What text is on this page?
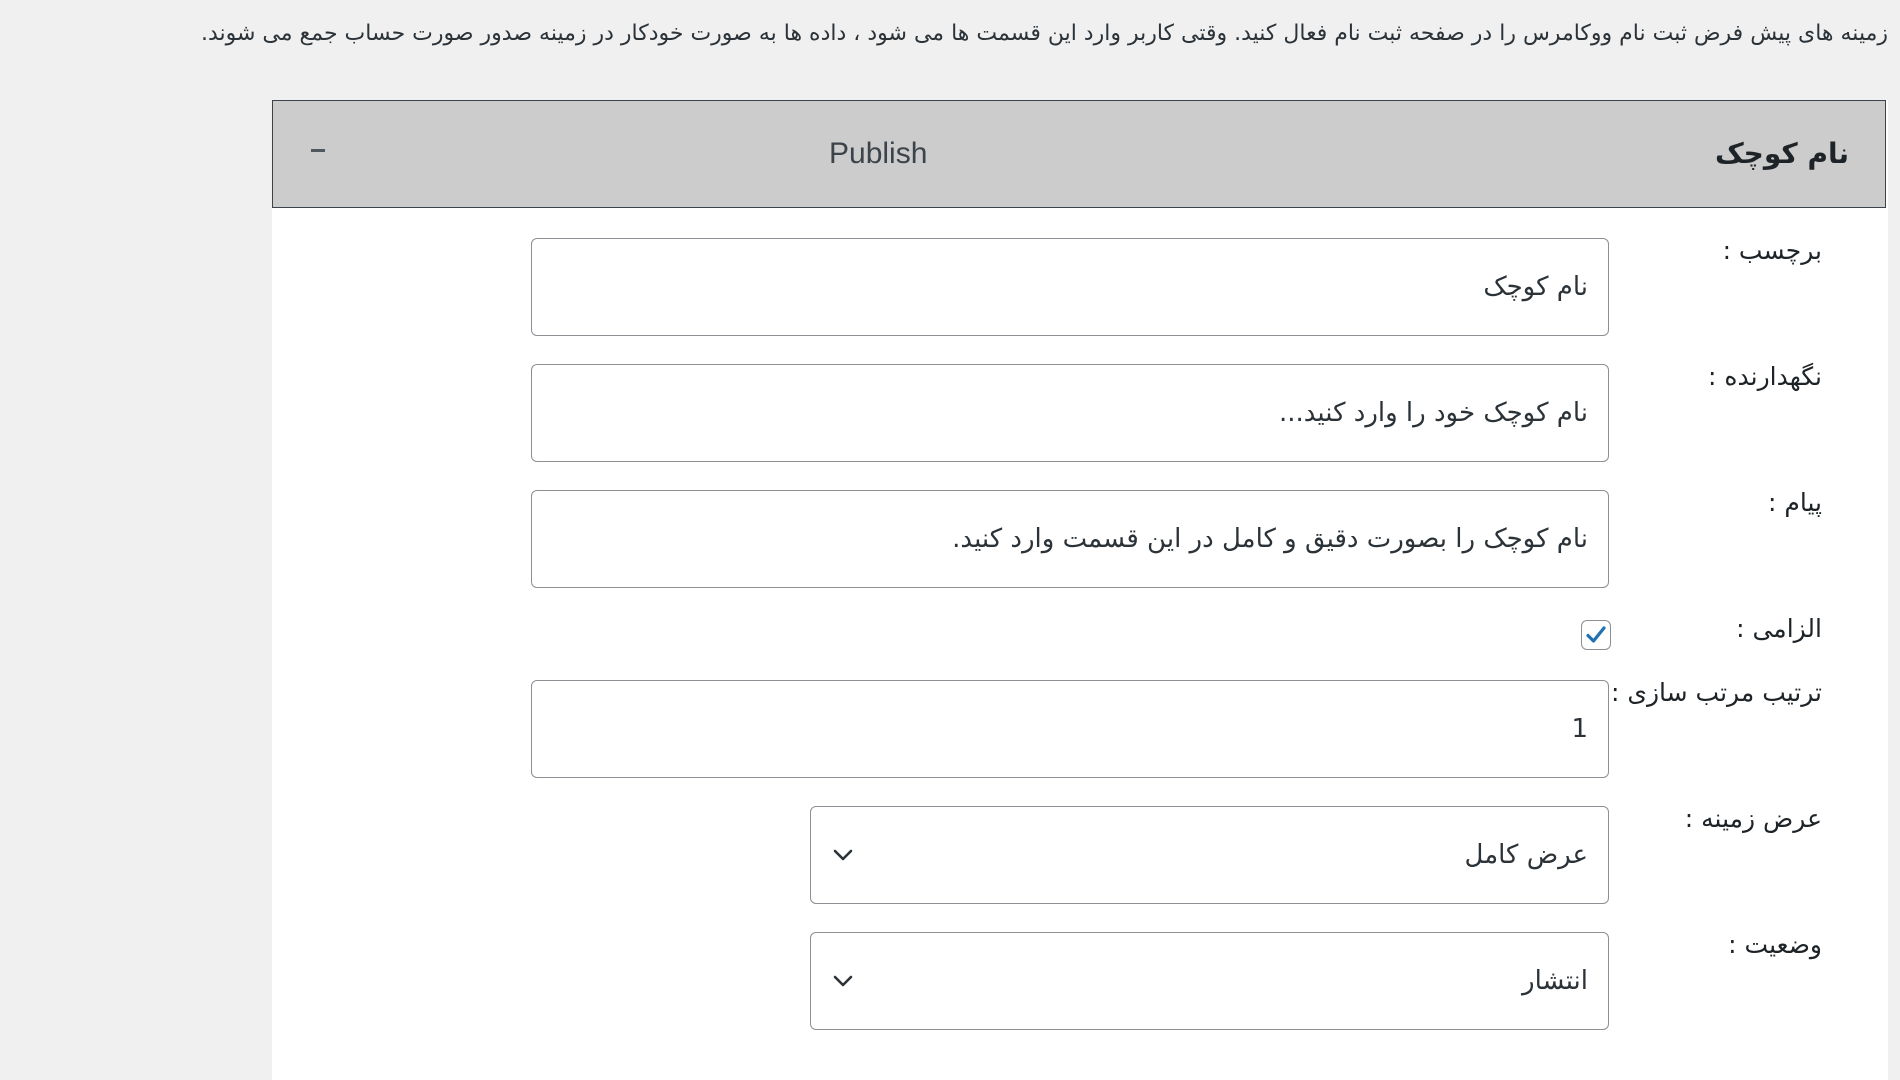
زمینه های پیش فرض ثبت نام ووکامرس را در صفحه ثبت نام فعال کنید. وقتی کاربر وارد این قسمت ها می شود ، داده ها به صورت خودکار در زمینه صدور صورت حساب جمع می شوند.
نام کوچک
Publish
برچسب :
نام کوچک
نگهدارنده :
نام کوچک خود را وارد کنید...
پیام :
نام کوچک را بصورت دقیق و کامل در این قسمت وارد کنید.
الزامی :
ترتیب مرتب سازی :
1
عرض زمینه :
عرض کامل
وضعیت :
انتشار
